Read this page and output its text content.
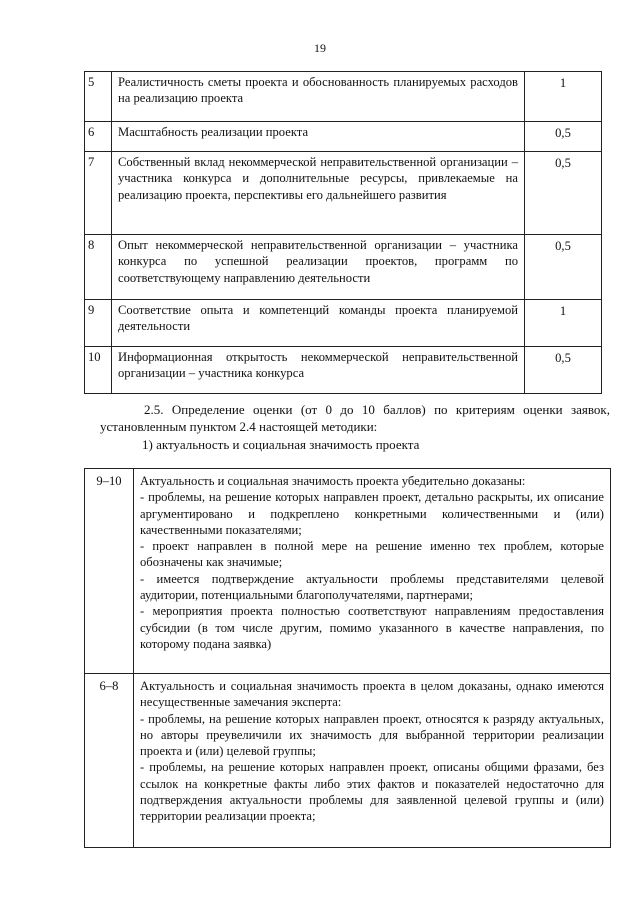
19
5	Реалистичность сметы проекта и обоснованность планируемых расходов на реализацию проекта	1
6	Масштабность реализации проекта	0,5
7	Собственный вклад некоммерческой неправительственной организации – участника конкурса и дополнительные ресурсы, привлекаемые на реализацию проекта, перспективы его дальнейшего развития	0,5
8	Опыт некоммерческой неправительственной организации – участника конкурса по успешной реализации проектов, программ по соответствующему направлению деятельности	0,5
9	Соответствие опыта и компетенций команды проекта планируемой деятельности	1
10	Информационная открытость некоммерческой неправительственной организации – участника конкурса	0,5
2.5. Определение оценки (от 0 до 10 баллов) по критериям оценки заявок, установленным пунктом 2.4 настоящей методики:
1) актуальность и социальная значимость проекта
9–10	Актуальность и социальная значимость проекта убедительно доказаны:
- проблемы, на решение которых направлен проект, детально раскрыты, их описание аргументировано и подкреплено конкретными количественными и (или) качественными показателями;
- проект направлен в полной мере на решение именно тех проблем, которые обозначены как значимые;
- имеется подтверждение актуальности проблемы представителями целевой аудитории, потенциальными благополучателями, партнерами;
- мероприятия проекта полностью соответствуют направлениям предоставления субсидии (в том числе другим, помимо указанного в качестве направления, по которому подана заявка)

6–8	Актуальность и социальная значимость проекта в целом доказаны, однако имеются несущественные замечания эксперта:
- проблемы, на решение которых направлен проект, относятся к разряду актуальных, но авторы преувеличили их значимость для выбранной территории реализации проекта и (или) целевой группы;
- проблемы, на решение которых направлен проект, описаны общими фразами, без ссылок на конкретные факты либо этих фактов и показателей недостаточно для подтверждения актуальности проблемы для заявленной целевой группы и (или) территории реализации проекта;
